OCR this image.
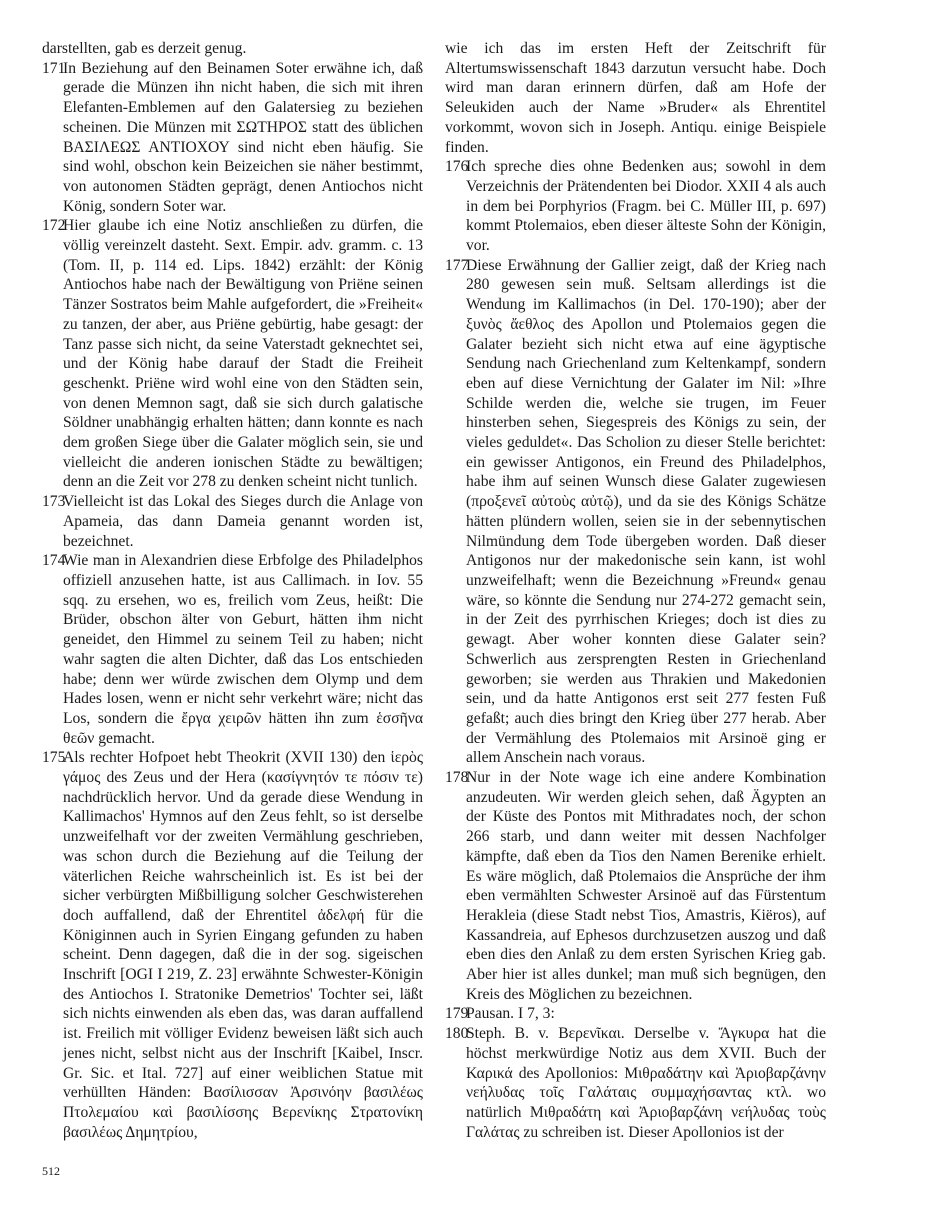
darstellten, gab es derzeit genug.
171In Beziehung auf den Beinamen Soter erwähne ich, daß gerade die Münzen ihn nicht haben, die sich mit ihren Elefanten-Emblemen auf den Galatersieg zu beziehen scheinen. Die Münzen mit ΣΩΤΗΡΟΣ statt des üblichen ΒΑΣΙΛΕΩΣ ΑΝΤΙΟΧΟΥ sind nicht eben häufig. Sie sind wohl, obschon kein Beizeichen sie näher bestimmt, von autonomen Städten geprägt, denen Antiochos nicht König, sondern Soter war.
172Hier glaube ich eine Notiz anschließen zu dürfen, die völlig vereinzelt dasteht. Sext. Empir. adv. gramm. c. 13 (Tom. II, p. 114 ed. Lips. 1842) erzählt: der König Antiochos habe nach der Bewältigung von Priëne seinen Tänzer Sostratos beim Mahle aufgefordert, die »Freiheit« zu tanzen, der aber, aus Priëne gebürtig, habe gesagt: der Tanz passe sich nicht, da seine Vaterstadt geknechtet sei, und der König habe darauf der Stadt die Freiheit geschenkt. Priëne wird wohl eine von den Städten sein, von denen Memnon sagt, daß sie sich durch galatische Söldner unabhängig erhalten hätten; dann konnte es nach dem großen Siege über die Galater möglich sein, sie und vielleicht die anderen ionischen Städte zu bewältigen; denn an die Zeit vor 278 zu denken scheint nicht tunlich.
173Vielleicht ist das Lokal des Sieges durch die Anlage von Apameia, das dann Dameia genannt worden ist, bezeichnet.
174Wie man in Alexandrien diese Erbfolge des Philadelphos offiziell anzusehen hatte, ist aus Callimach. in Iov. 55 sqq. zu ersehen, wo es, freilich vom Zeus, heißt: Die Brüder, obschon älter von Geburt, hätten ihm nicht geneidet, den Himmel zu seinem Teil zu haben; nicht wahr sagten die alten Dichter, daß das Los entschieden habe; denn wer würde zwischen dem Olymp und dem Hades losen, wenn er nicht sehr verkehrt wäre; nicht das Los, sondern die ἔργα χειρῶν hätten ihn zum ἑσσῆνα θεῶν gemacht.
175Als rechter Hofpoet hebt Theokrit (XVII 130) den ἱερὸς γάμος des Zeus und der Hera (κασίγνητόν τε πόσιν τε) nachdrücklich hervor. Und da gerade diese Wendung in Kallimachos' Hymnos auf den Zeus fehlt, so ist derselbe unzweifelhaft vor der zweiten Vermählung geschrieben, was schon durch die Beziehung auf die Teilung der väterlichen Reiche wahrscheinlich ist. Es ist bei der sicher verbürgten Mißbilligung solcher Geschwisterehen doch auffallend, daß der Ehrentitel ἀδελφή für die Königinnen auch in Syrien Eingang gefunden zu haben scheint. Denn dagegen, daß die in der sog. sigeischen Inschrift [OGI I 219, Z. 23] erwähnte Schwester-Königin des Antiochos I. Stratonike Demetrios' Tochter sei, läßt sich nichts einwenden als eben das, was daran auffallend ist. Freilich mit völliger Evidenz beweisen läßt sich auch jenes nicht, selbst nicht aus der Inschrift [Kaibel, Inscr. Gr. Sic. et Ital. 727] auf einer weiblichen Statue mit verhüllten Händen: Βασίλισσαν Ἀρσινόην βασιλέως Πτολεμαίου καὶ βασιλίσσης Βερενίκης Στρατονίκη βασιλέως Δημητρίου,
wie ich das im ersten Heft der Zeitschrift für Altertumswissenschaft 1843 darzutun versucht habe. Doch wird man daran erinnern dürfen, daß am Hofe der Seleukiden auch der Name »Bruder« als Ehrentitel vorkommt, wovon sich in Joseph. Antiqu. einige Beispiele finden.
176Ich spreche dies ohne Bedenken aus; sowohl in dem Verzeichnis der Prätendenten bei Diodor. XXII 4 als auch in dem bei Porphyrios (Fragm. bei C. Müller III, p. 697) kommt Ptolemaios, eben dieser älteste Sohn der Königin, vor.
177Diese Erwähnung der Gallier zeigt, daß der Krieg nach 280 gewesen sein muß. Seltsam allerdings ist die Wendung im Kallimachos (in Del. 170-190); aber der ξυνὸς ἄεθλος des Apollon und Ptolemaios gegen die Galater bezieht sich nicht etwa auf eine ägyptische Sendung nach Griechenland zum Keltenkampf, sondern eben auf diese Vernichtung der Galater im Nil: »Ihre Schilde werden die, welche sie trugen, im Feuer hinsterben sehen, Siegespreis des Königs zu sein, der vieles geduldet«. Das Scholion zu dieser Stelle berichtet: ein gewisser Antigonos, ein Freund des Philadelphos, habe ihm auf seinen Wunsch diese Galater zugewiesen (προξενεῖ αὐτοὺς αὐτῷ), und da sie des Königs Schätze hätten plündern wollen, seien sie in der sebennytischen Nilmündung dem Tode übergeben worden. Daß dieser Antigonos nur der makedonische sein kann, ist wohl unzweifelhaft; wenn die Bezeichnung »Freund« genau wäre, so könnte die Sendung nur 274-272 gemacht sein, in der Zeit des pyrrhischen Krieges; doch ist dies zu gewagt. Aber woher konnten diese Galater sein? Schwerlich aus zersprengten Resten in Griechenland geworben; sie werden aus Thrakien und Makedonien sein, und da hatte Antigonos erst seit 277 festen Fuß gefaßt; auch dies bringt den Krieg über 277 herab. Aber der Vermählung des Ptolemaios mit Arsinoë ging er allem Anschein nach voraus.
178Nur in der Note wage ich eine andere Kombination anzudeuten. Wir werden gleich sehen, daß Ägypten an der Küste des Pontos mit Mithradates noch, der schon 266 starb, und dann weiter mit dessen Nachfolger kämpfte, daß eben da Tios den Namen Berenike erhielt. Es wäre möglich, daß Ptolemaios die Ansprüche der ihm eben vermählten Schwester Arsinoë auf das Fürstentum Herakleia (diese Stadt nebst Tios, Amastris, Kiëros), auf Kassandreia, auf Ephesos durchzusetzen auszog und daß eben dies den Anlaß zu dem ersten Syrischen Krieg gab. Aber hier ist alles dunkel; man muß sich begnügen, den Kreis des Möglichen zu bezeichnen.
179Pausan. I 7, 3:
180Steph. B. v. Βερενῖκαι. Derselbe v. Ἄγκυρα hat die höchst merkwürdige Notiz aus dem XVII. Buch der Καρικά des Apollonios: Μιθραδάτην καὶ Ἀριοβαρζάνην νεήλυδας τοῖς Γαλάταις συμμαχήσαντας κτλ. wo natürlich Μιθραδάτη καὶ Ἀριοβαρζάνη νεήλυδας τοὺς Γαλάτας zu schreiben ist. Dieser Apollonios ist der
512
